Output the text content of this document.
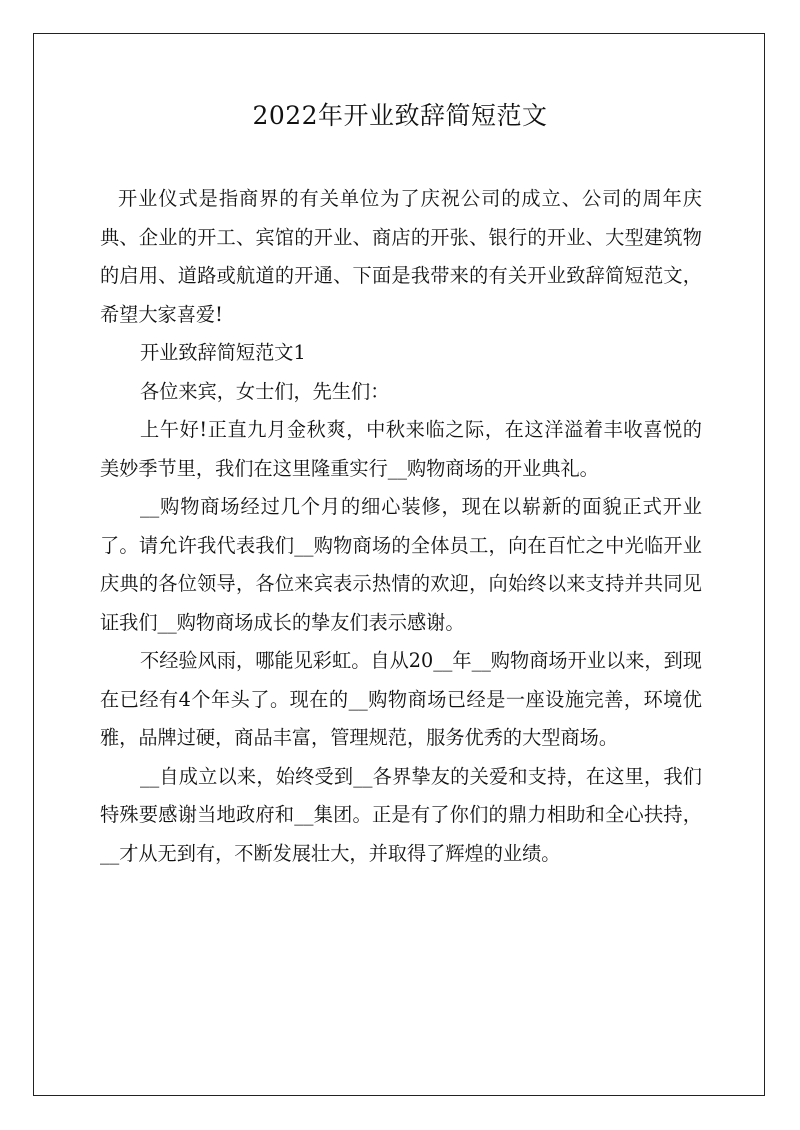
2022年开业致辞简短范文

开业仪式是指商界的有关单位为了庆祝公司的成立、公司的周年庆典、企业的开工、宾馆的开业、商店的开张、银行的开业、大型建筑物的启用、道路或航道的开通、下面是我带来的有关开业致辞简短范文，希望大家喜爱!

开业致辞简短范文1

各位来宾，女士们，先生们：

上午好!正直九月金秋爽，中秋来临之际，在这洋溢着丰收喜悦的美妙季节里，我们在这里隆重实行__购物商场的开业典礼。

__购物商场经过几个月的细心装修，现在以崭新的面貌正式开业了。请允许我代表我们__购物商场的全体员工，向在百忙之中光临开业庆典的各位领导，各位来宾表示热情的欢迎，向始终以来支持并共同见证我们__购物商场成长的挚友们表示感谢。

不经验风雨，哪能见彩虹。自从20__年__购物商场开业以来，到现在已经有4个年头了。现在的__购物商场已经是一座设施完善，环境优雅，品牌过硬，商品丰富，管理规范，服务优秀的大型商场。

__自成立以来，始终受到__各界挚友的关爱和支持，在这里，我们特殊要感谢当地政府和__集团。正是有了你们的鼎力相助和全心扶持，__才从无到有，不断发展壮大，并取得了辉煌的业绩。
